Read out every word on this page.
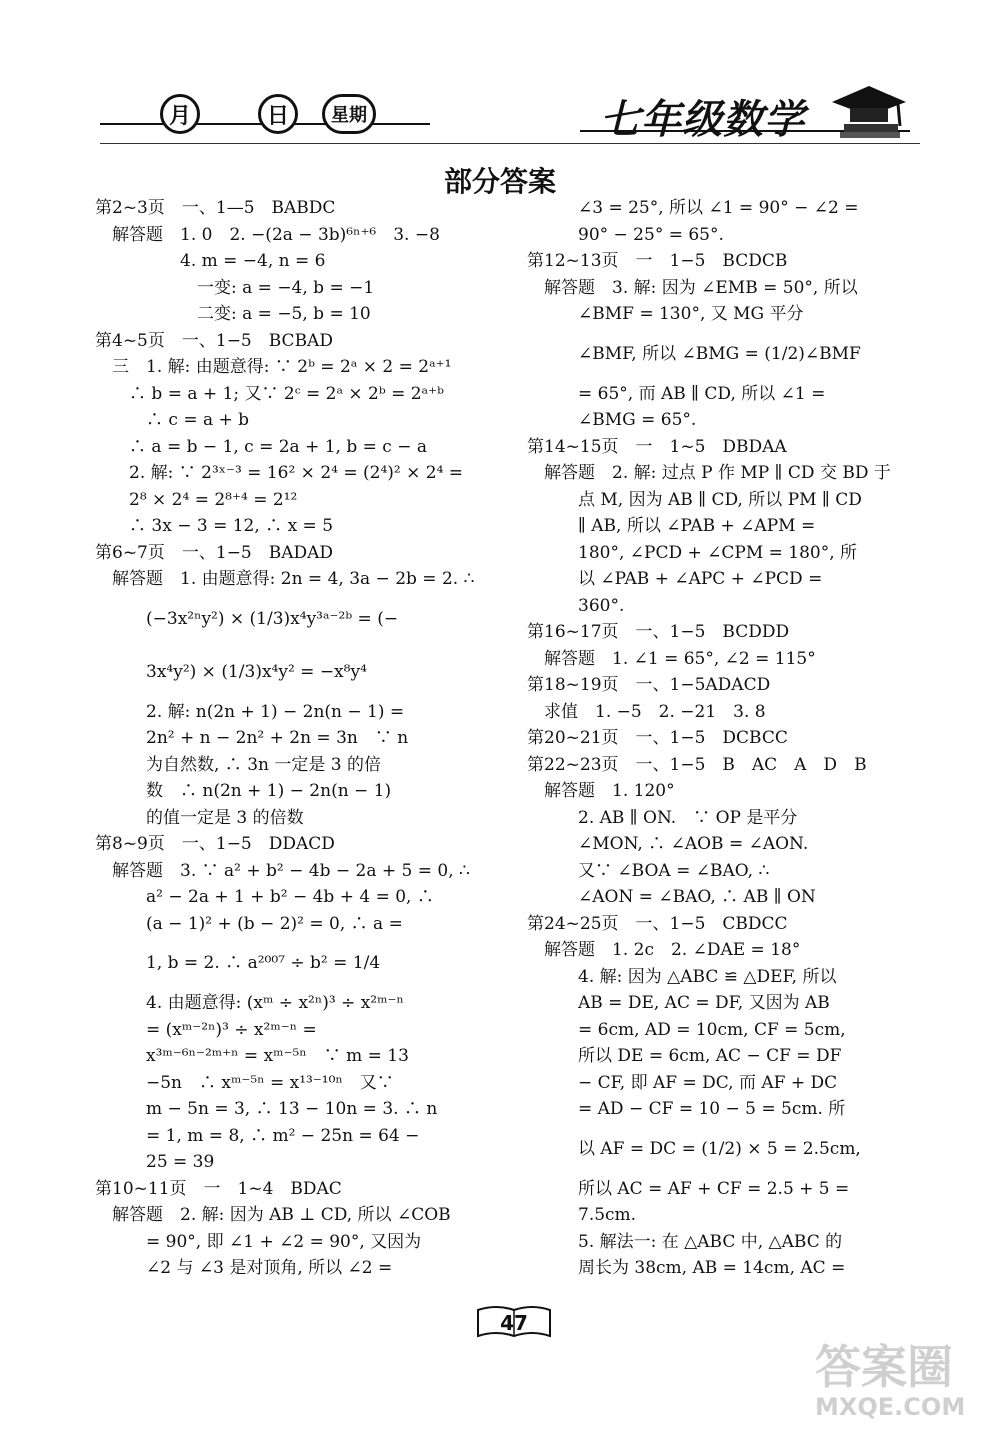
月	日	星期	七年级数学
部分答案
第2~3页　一、1—5　BABDC
　解答题　1. 0　2. −(2a − 3b)⁶ⁿ⁺⁶　3. −8
　　　　　4. m = −4, n = 6
　　　　　　一变: a = −4, b = −1
　　　　　　二变: a = −5, b = 10
第4~5页　一、1−5　BCBAD
　三　1. 解: 由题意得: ∵ 2ᵇ = 2ᵃ × 2 = 2ᵃ⁺¹
　　∴ b = a + 1; 又∵ 2ᶜ = 2ᵃ × 2ᵇ = 2ᵃ⁺ᵇ
　　　∴ c = a + b
　　∴ a = b − 1, c = 2a + 1, b = c − a
　　2. 解: ∵ 2³ˣ⁻³ = 16² × 2⁴ = (2⁴)² × 2⁴ =
　　2⁸ × 2⁴ = 2⁸⁺⁴ = 2¹²
　　∴ 3x − 3 = 12, ∴ x = 5
第6~7页　一、1−5　BADAD
　解答题　1. 由题意得: 2n = 4, 3a − 2b = 2. ∴
　　　(−3x²ⁿy²) × (1/3)x⁴y³ᵃ⁻²ᵇ = (−
　　　3x⁴y²) × (1/3)x⁴y² = −x⁸y⁴
　　　2. 解: n(2n + 1) − 2n(n − 1) =
　　　2n² + n − 2n² + 2n = 3n　∵ n
　　　为自然数, ∴ 3n 一定是 3 的倍
　　　数　∴ n(2n + 1) − 2n(n − 1)
　　　的值一定是 3 的倍数
第8~9页　一、1−5　DDACD
　解答题　3. ∵ a² + b² − 4b − 2a + 5 = 0, ∴
　　　a² − 2a + 1 + b² − 4b + 4 = 0, ∴
　　　(a − 1)² + (b − 2)² = 0, ∴ a =
　　　1, b = 2. ∴ a²⁰⁰⁷ ÷ b² = 1/4
　　　4. 由题意得: (xᵐ ÷ x²ⁿ)³ ÷ x²ᵐ⁻ⁿ
　　　= (xᵐ⁻²ⁿ)³ ÷ x²ᵐ⁻ⁿ =
　　　x³ᵐ⁻⁶ⁿ⁻²ᵐ⁺ⁿ = xᵐ⁻⁵ⁿ　∵ m = 13
　　　−5n　∴ xᵐ⁻⁵ⁿ = x¹³⁻¹⁰ⁿ　又∵
　　　m − 5n = 3, ∴ 13 − 10n = 3. ∴ n
　　　= 1, m = 8, ∴ m² − 25n = 64 −
　　　25 = 39
第10~11页　一　1~4　BDAC
　解答题　2. 解: 因为 AB ⊥ CD, 所以 ∠COB
　　　= 90°, 即 ∠1 + ∠2 = 90°, 又因为
　　　∠2 与 ∠3 是对顶角, 所以 ∠2 =
　　　∠3 = 25°, 所以 ∠1 = 90° − ∠2 =
　　　90° − 25° = 65°.
第12~13页　一　1−5　BCDCB
　解答题　3. 解: 因为 ∠EMB = 50°, 所以
　　　∠BMF = 130°, 又 MG 平分
　　　∠BMF, 所以 ∠BMG = (1/2)∠BMF
　　　= 65°, 而 AB ∥ CD, 所以 ∠1 =
　　　∠BMG = 65°.
第14~15页　一　1~5　DBDAA
　解答题　2. 解: 过点 P 作 MP ∥ CD 交 BD 于
　　　点 M, 因为 AB ∥ CD, 所以 PM ∥ CD
　　　∥ AB, 所以 ∠PAB + ∠APM =
　　　180°, ∠PCD + ∠CPM = 180°, 所
　　　以 ∠PAB + ∠APC + ∠PCD =
　　　360°.
第16~17页　一、1−5　BCDDD
　解答题　1. ∠1 = 65°, ∠2 = 115°
第18~19页　一、1−5ADACD
　求值　1. −5　2. −21　3. 8
第20~21页　一、1−5　DCBCC
第22~23页　一、1−5　B　AC　A　D　B
　解答题　1. 120°
　　　2. AB ∥ ON.　∵ OP 是平分
　　　∠MON, ∴ ∠AOB = ∠AON.
　　　又∵ ∠BOA = ∠BAO, ∴
　　　∠AON = ∠BAO, ∴ AB ∥ ON
第24~25页　一、1−5　CBDCC
　解答题　1. 2c　2. ∠DAE = 18°
　　　4. 解: 因为 △ABC ≌ △DEF, 所以
　　　AB = DE, AC = DF, 又因为 AB
　　　= 6cm, AD = 10cm, CF = 5cm,
　　　所以 DE = 6cm, AC − CF = DF
　　　− CF, 即 AF = DC, 而 AF + DC
　　　= AD − CF = 10 − 5 = 5cm. 所
　　　以 AF = DC = (1/2) × 5 = 2.5cm,
　　　所以 AC = AF + CF = 2.5 + 5 =
　　　7.5cm.
　　　5. 解法一: 在 △ABC 中, △ABC 的
　　　周长为 38cm, AB = 14cm, AC =
47
答案圈
MXQE.COM
